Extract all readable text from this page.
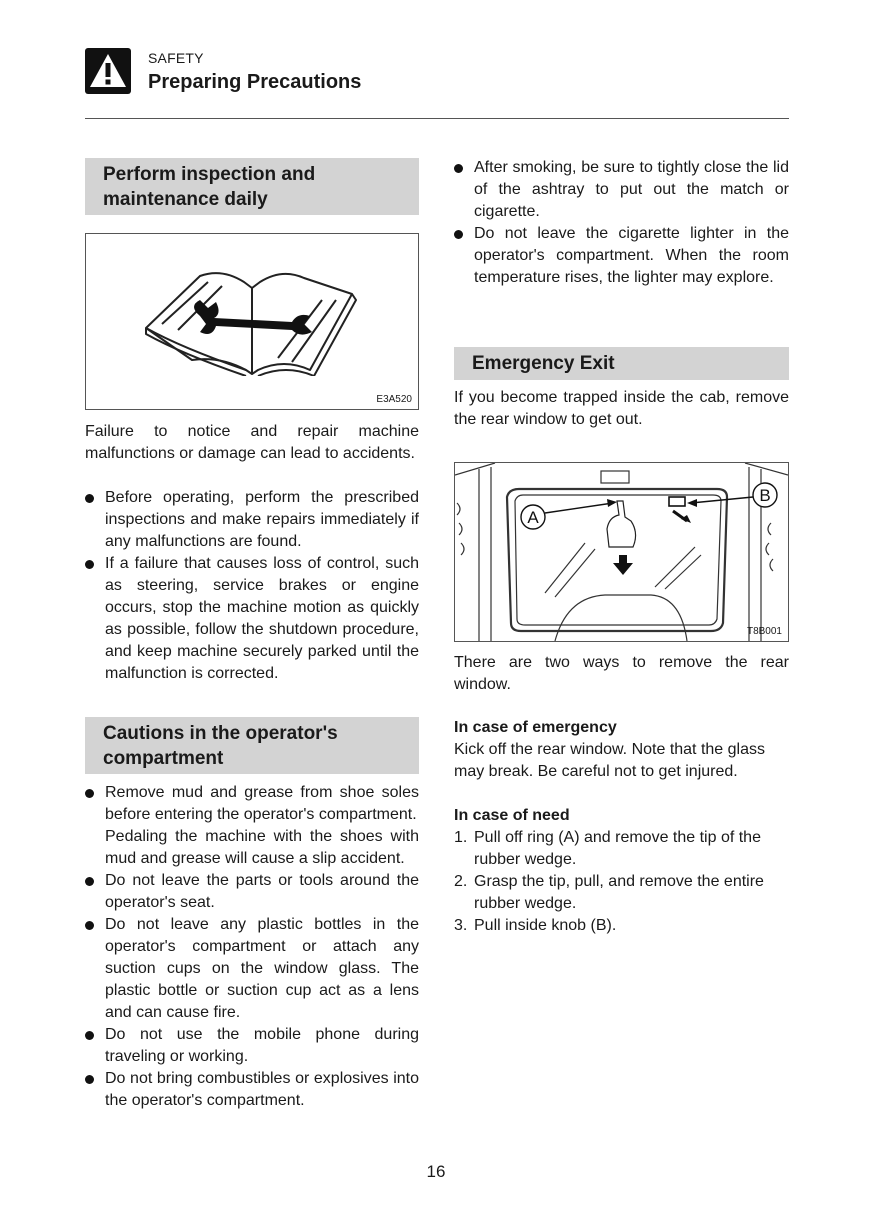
SAFETY
Preparing Precautions
Perform inspection and
maintenance daily
E3A520
Failure to notice and repair machine malfunctions or damage can lead to accidents.
Before operating, perform the prescribed inspections and make repairs immediately if any malfunctions are found.
If a failure that causes loss of control, such as steering, service brakes or engine occurs, stop the machine motion as quickly as possible, follow the shutdown procedure, and keep machine securely parked until the malfunction is corrected.
Cautions in the operator's
compartment
Remove mud and grease from shoe soles before entering the operator's compartment.
Pedaling the machine with the shoes with mud and grease will cause a slip accident.
Do not leave the parts or tools around the operator's seat.
Do not leave any plastic bottles in the operator's compartment or attach any suction cups on the window glass. The plastic bottle or suction cup act as a lens and can cause fire.
Do not use the mobile phone during traveling or working.
Do not bring combustibles or explosives into the operator's compartment.
After smoking, be sure to tightly close the lid of the ashtray to put out the match or cigarette.
Do not leave the cigarette lighter in the operator's compartment. When the room temperature rises, the lighter may explore.
Emergency Exit
If you become trapped inside the cab, remove the rear window to get out.
A
B
T8B001
There are two ways to remove the rear window.
In case of emergency
Kick off the rear window. Note that the glass may break. Be careful not to get injured.
In case of need
1. Pull off ring (A) and remove the tip of the rubber wedge.
2. Grasp the tip, pull, and remove the entire rubber wedge.
3. Pull inside knob (B).
16
